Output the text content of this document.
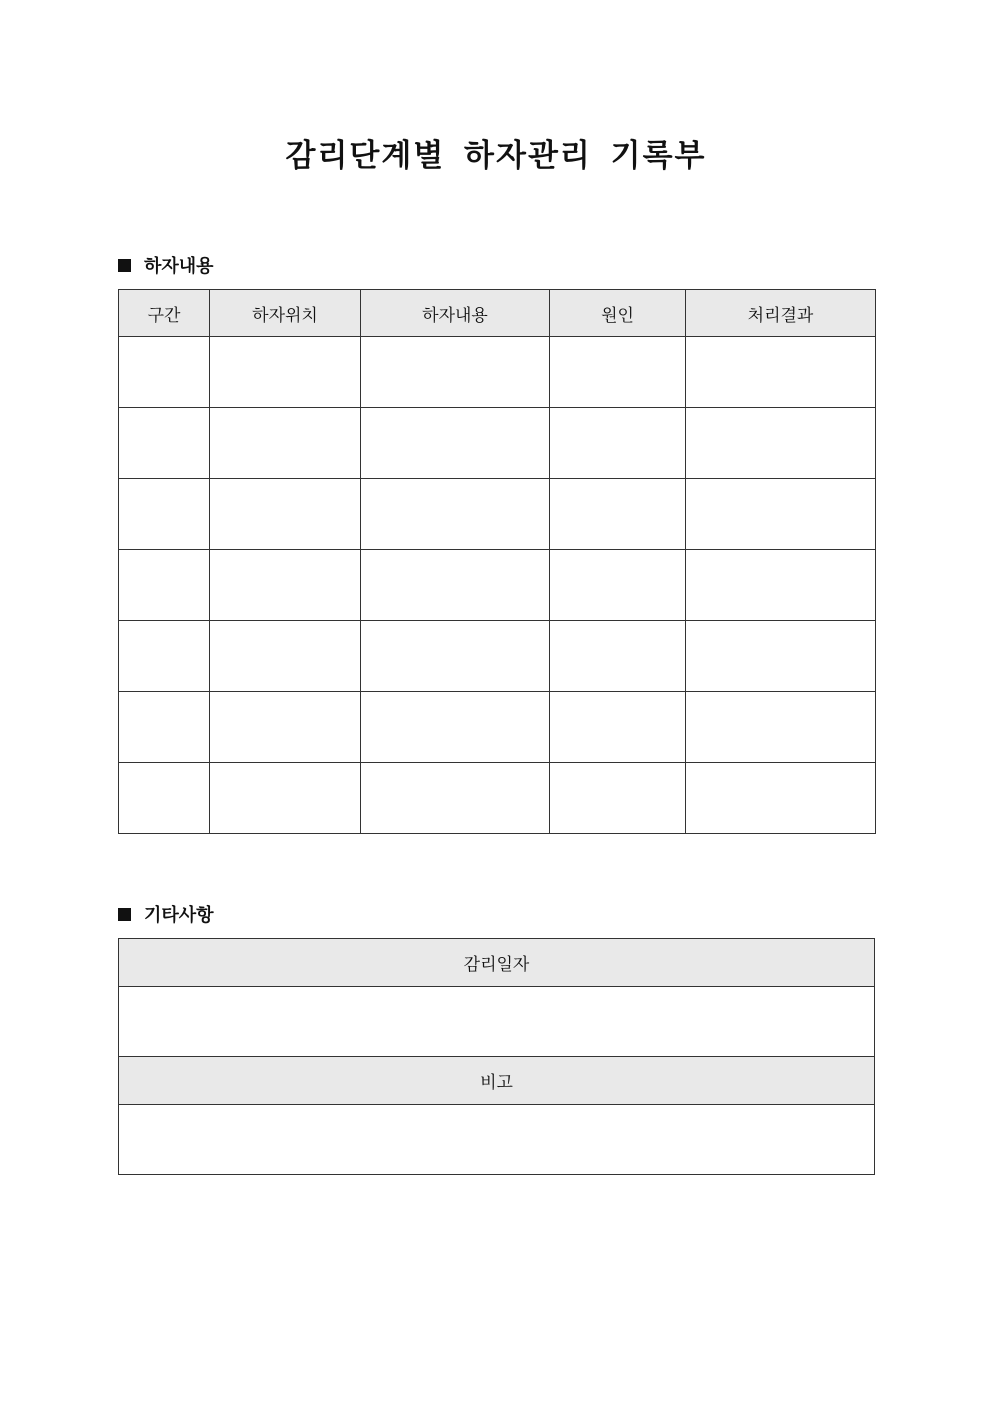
감리단계별 하자관리 기록부
하자내용
구간	하자위치	하자내용	원인	처리결과

기타사항
감리일자

비고
